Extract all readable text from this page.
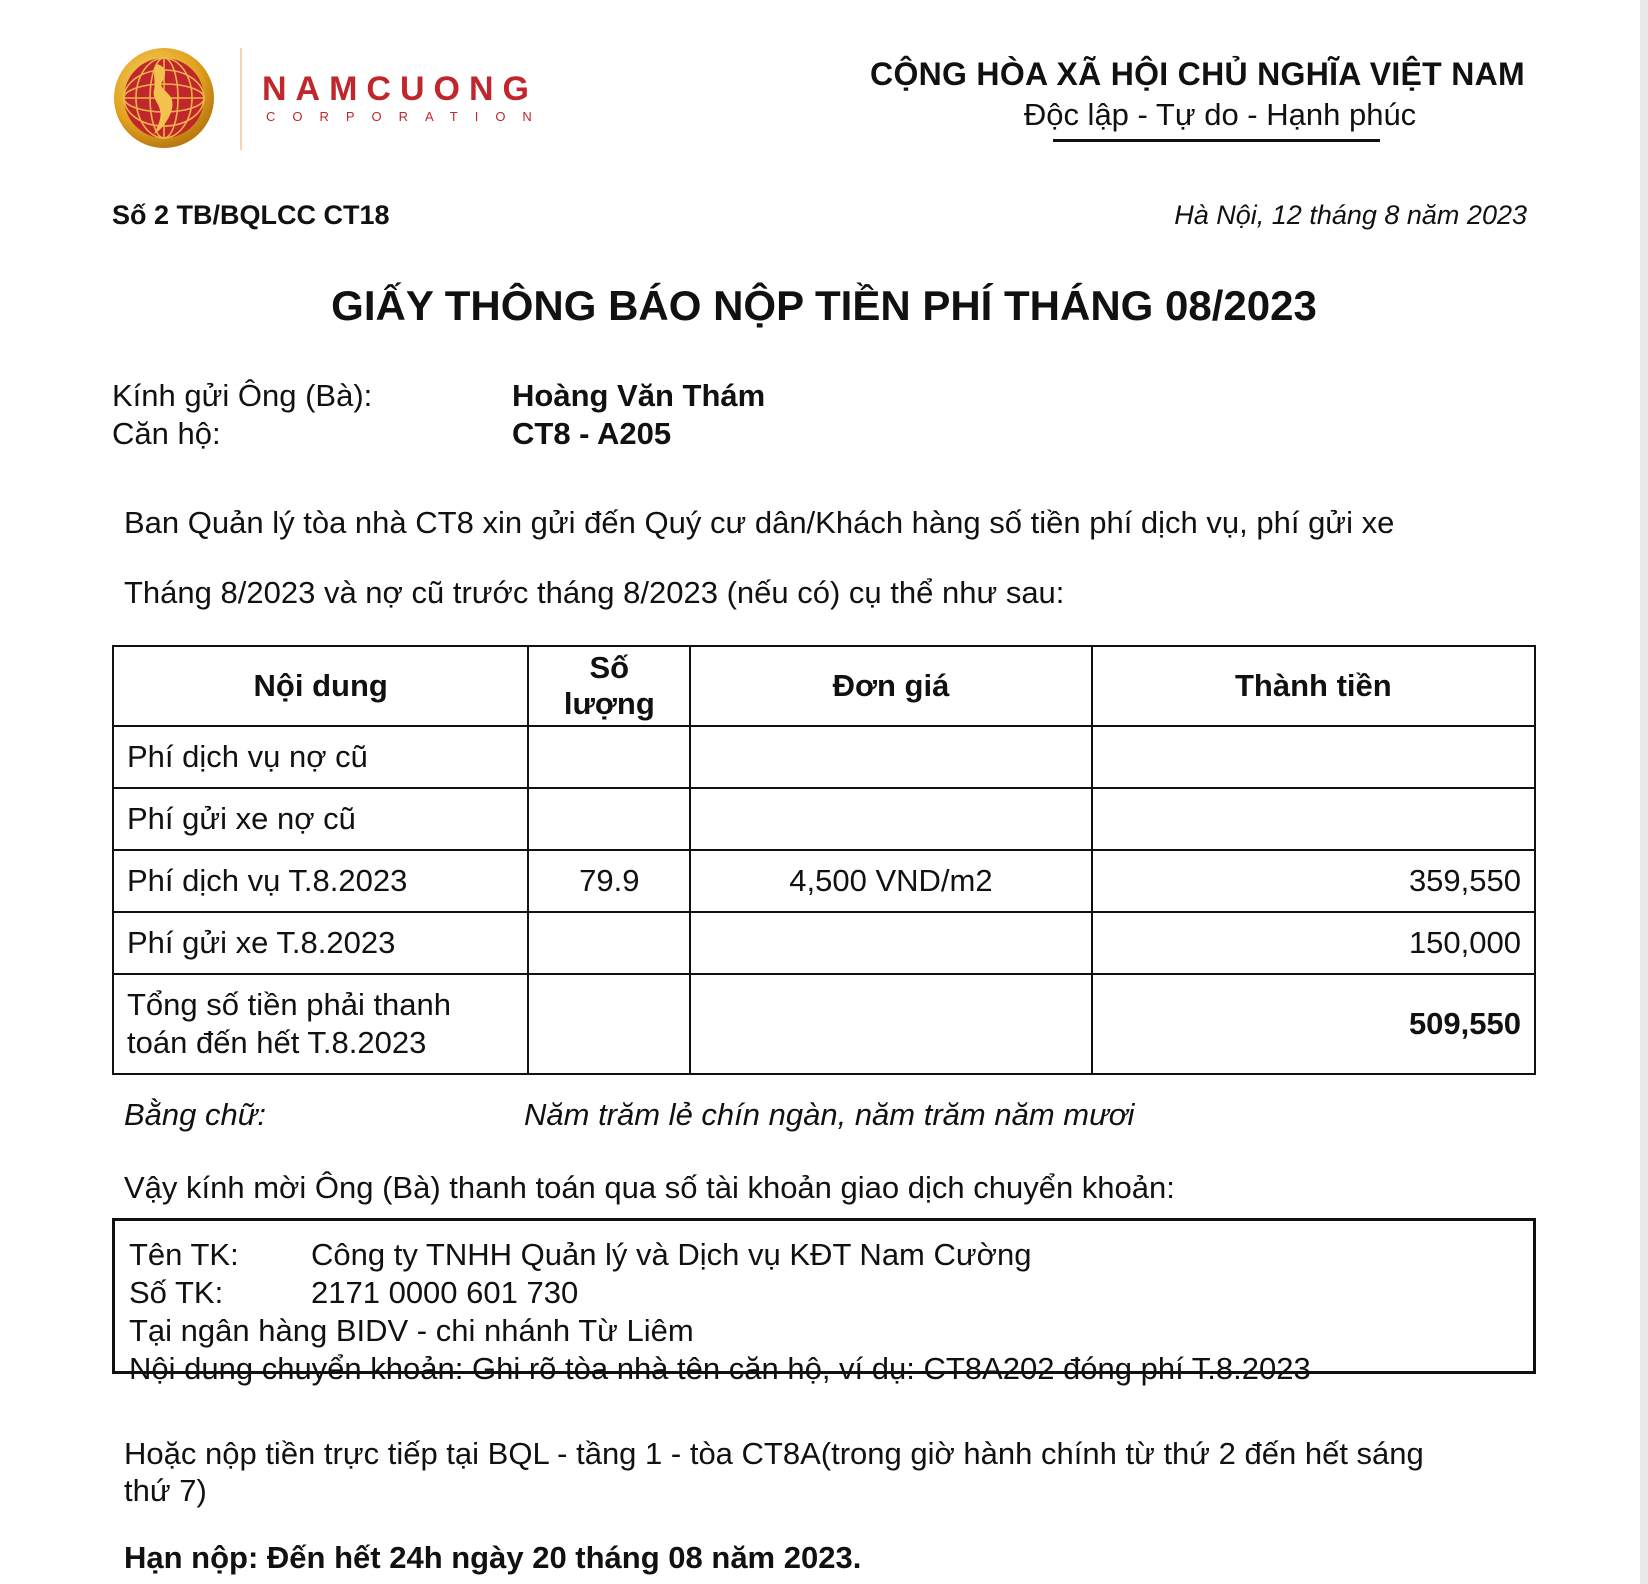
NAMCUONG
CORPORATION
CỘNG HÒA XÃ HỘI CHỦ NGHĨA VIỆT NAM
Độc lập - Tự do - Hạnh phúc
Số 2 TB/BQLCC CT18	Hà Nội, 12 tháng 8 năm 2023
GIẤY THÔNG BÁO NỘP TIỀN PHÍ THÁNG 08/2023
Kính gửi Ông (Bà):	Hoàng Văn Thám
Căn hộ:	CT8 - A205
Ban Quản lý tòa nhà CT8 xin gửi đến Quý cư dân/Khách hàng số tiền phí dịch vụ, phí gửi xe
Tháng 8/2023 và nợ cũ trước tháng 8/2023 (nếu có) cụ thể như sau:
Nội dung	Số lượng	Đơn giá	Thành tiền
Phí dịch vụ nợ cũ			
Phí gửi xe nợ cũ			
Phí dịch vụ T.8.2023	79.9	4,500 VND/m2	359,550
Phí gửi xe T.8.2023			150,000

Tổng số tiền phải thanh
toán đến hết T.8.2023			509,550
Bằng chữ:	Năm trăm lẻ chín ngàn, năm trăm năm mươi
Vậy kính mời Ông (Bà) thanh toán qua số tài khoản giao dịch chuyển khoản:
Tên TK: Công ty TNHH Quản lý và Dịch vụ KĐT Nam Cường
Số TK:	2171 0000 601 730
Tại ngân hàng BIDV - chi nhánh Từ Liêm
Nội dung chuyển khoản: Ghi rõ tòa nhà tên căn hộ, ví dụ: CT8A202 đóng phí T.8.2023
Hoặc nộp tiền trực tiếp tại BQL - tầng 1 - tòa CT8A(trong giờ hành chính từ thứ 2 đến hết sáng
thứ 7)
Hạn nộp: Đến hết 24h ngày 20 tháng 08 năm 2023.
